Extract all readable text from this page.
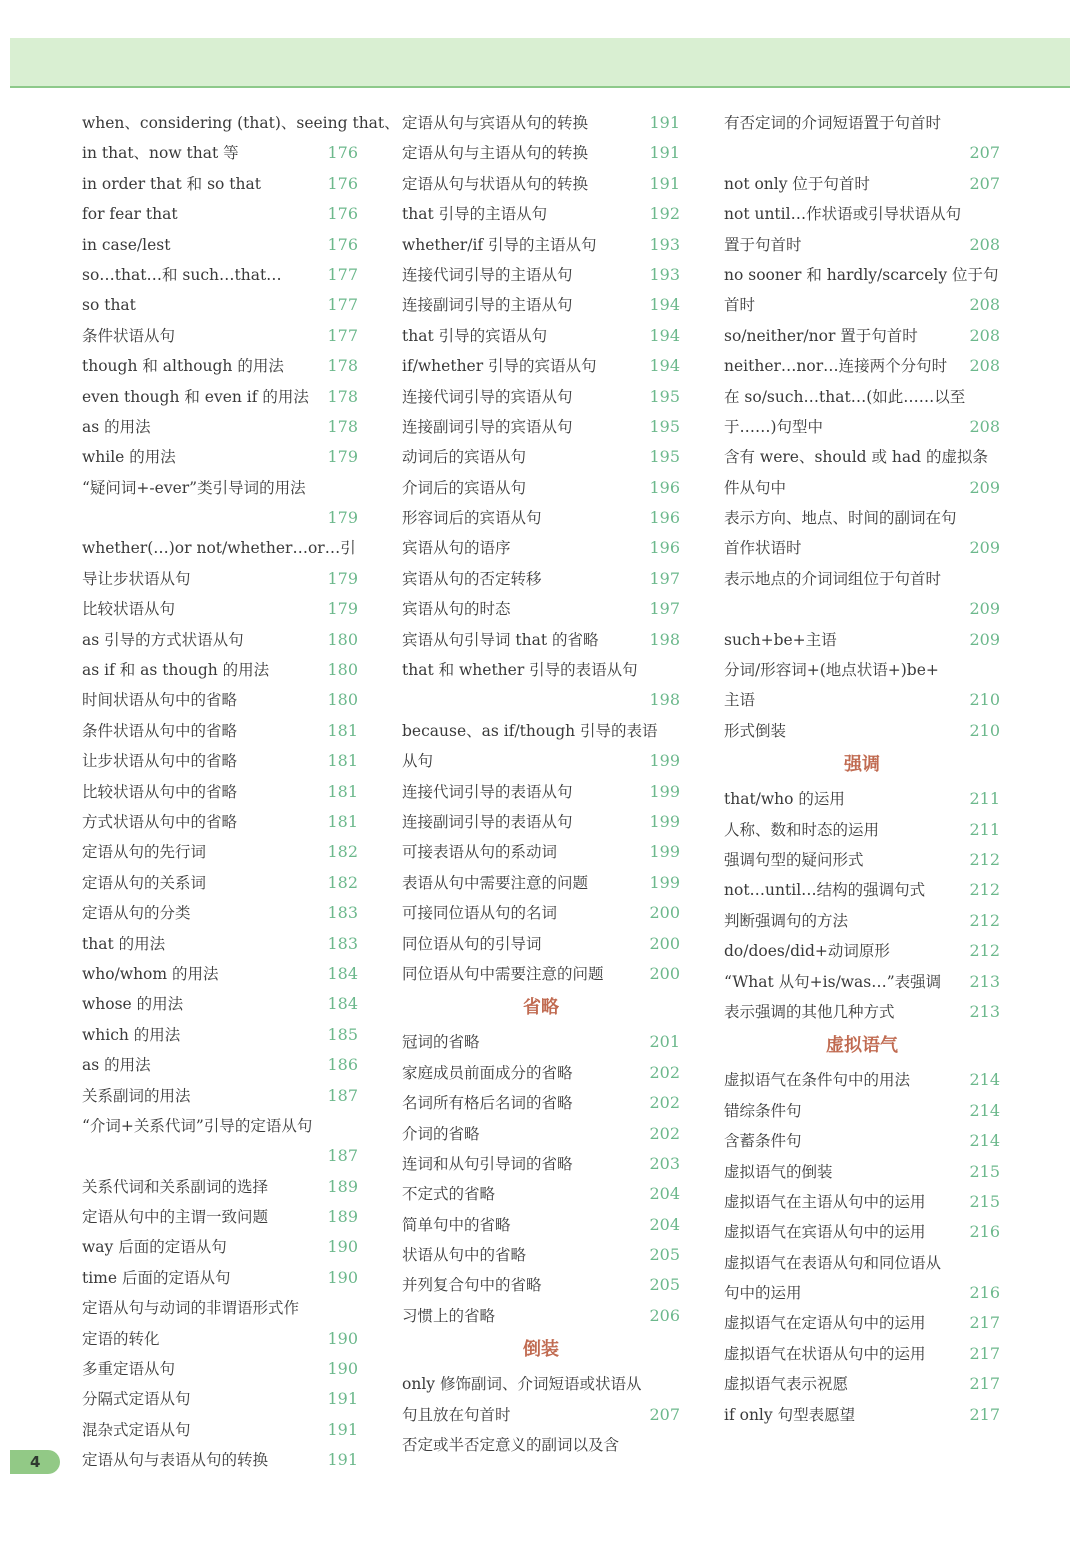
when、considering (that)、seeing that、
in that、now that 等	176
in order that 和 so that	176
for fear that	176
in case/lest	176
so…that…和 such…that…	177
so that	177
条件状语从句	177
though 和 although 的用法	178
even though 和 even if 的用法 178
as 的用法	178
while 的用法	179
“疑问词+-ever”类引导词的用法
179
whether(…)or not/whether…or…引
导让步状语从句	179
比较状语从句	179
as 引导的方式状语从句	180
as if 和 as though 的用法	180
时间状语从句中的省略	180
条件状语从句中的省略	181
让步状语从句中的省略	181
比较状语从句中的省略	181
方式状语从句中的省略	181
定语从句的先行词	182
定语从句的关系词	182
定语从句的分类	183
that 的用法	183
who/whom 的用法	184
whose 的用法	184
which 的用法	185
as 的用法	186
关系副词的用法	187
“介词+关系代词”引导的定语从句
187
关系代词和关系副词的选择	189
定语从句中的主谓一致问题	189
way 后面的定语从句	190
time 后面的定语从句	190
定语从句与动词的非谓语形式作
定语的转化	190
多重定语从句	190
分隔式定语从句	191
混杂式定语从句	191
定语从句与表语从句的转换	191
定语从句与宾语从句的转换	191
定语从句与主语从句的转换	191
定语从句与状语从句的转换	191
that 引导的主语从句	192
whether/if 引导的主语从句	193
连接代词引导的主语从句	193
连接副词引导的主语从句	194
that 引导的宾语从句	194
if/whether 引导的宾语从句	194
连接代词引导的宾语从句	195
连接副词引导的宾语从句	195
动词后的宾语从句	195
介词后的宾语从句	196
形容词后的宾语从句	196
宾语从句的语序	196
宾语从句的否定转移	197
宾语从句的时态	197
宾语从句引导词 that 的省略	198
that 和 whether 引导的表语从句
198
because、as if/though 引导的表语
从句	199
连接代词引导的表语从句	199
连接副词引导的表语从句	199
可接表语从句的系动词	199
表语从句中需要注意的问题	199
可接同位语从句的名词	200
同位语从句的引导词	200
同位语从句中需要注意的问题	200
省略
冠词的省略	201
家庭成员前面成分的省略	202
名词所有格后名词的省略	202
介词的省略	202
连词和从句引导词的省略	203
不定式的省略	204
简单句中的省略	204
状语从句中的省略	205
并列复合句中的省略	205
习惯上的省略	206
倒装
only 修饰副词、介词短语或状语从
句且放在句首时	207
否定或半否定意义的副词以及含
有否定词的介词短语置于句首时
207
not only 位于句首时	207
not until…作状语或引导状语从句
置于句首时	208
no sooner 和 hardly/scarcely 位于句
首时	208
so/neither/nor 置于句首时	208
neither…nor…连接两个分句时 208
在 so/such…that…(如此……以至
于……)句型中	208
含有 were、should 或 had 的虚拟条
件从句中	209
表示方向、地点、时间的副词在句
首作状语时	209
表示地点的介词词组位于句首时
209
such+be+主语	209
分词/形容词+(地点状语+)be+
主语	210
形式倒装	210
强调
that/who 的运用	211
人称、数和时态的运用	211
强调句型的疑问形式	212
not…until…结构的强调句式	212
判断强调句的方法	212
do/does/did+动词原形	212
“What 从句+is/was…”表强调 213
表示强调的其他几种方式	213
虚拟语气
虚拟语气在条件句中的用法	214
错综条件句	214
含蓄条件句	214
虚拟语气的倒装	215
虚拟语气在主语从句中的运用	215
虚拟语气在宾语从句中的运用	216
虚拟语气在表语从句和同位语从
句中的运用	216
虚拟语气在定语从句中的运用	217
虚拟语气在状语从句中的运用	217
虚拟语气表示祝愿	217
if only 句型表愿望	217
4
